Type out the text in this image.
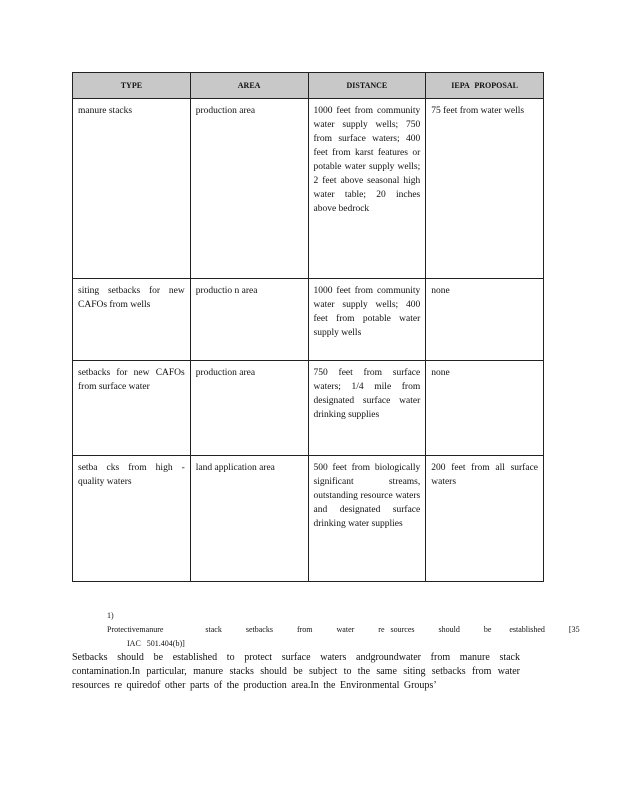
TYPE	AREA	DISTANCE	IEPA PROPOSAL
manure stacks	production area	1000 feet from community water supply wells; 750 from surface waters; 400 feet from karst features or potable water supply wells; 2 feet above seasonal high water table; 20 inches above bedrock	75 feet from water wells
siting setbacks for new CAFOs from wells	productio n area	1000 feet from community water supply wells; 400 feet from potable water supply wells	none
setbacks for new CAFOs from surface water	production area	750 feet from surface waters; 1/4 mile from designated surface water drinking supplies	none
setba cks from high - quality waters	land application area	500 feet from biologically significant streams, outstanding resource waters and designated surface drinking water supplies	200 feet from all surface waters
1)Protectivemanure       stack    setbacks    from    water    re sources    should    be   established    [35
IAC   501.404(b)]
Setbacks should be established to protect surface waters andgroundwater from manure stack contamination.In particular, manure stacks should be subject to the same siting setbacks from water resources re quiredof other parts of the production area.In the Environmental Groups’
